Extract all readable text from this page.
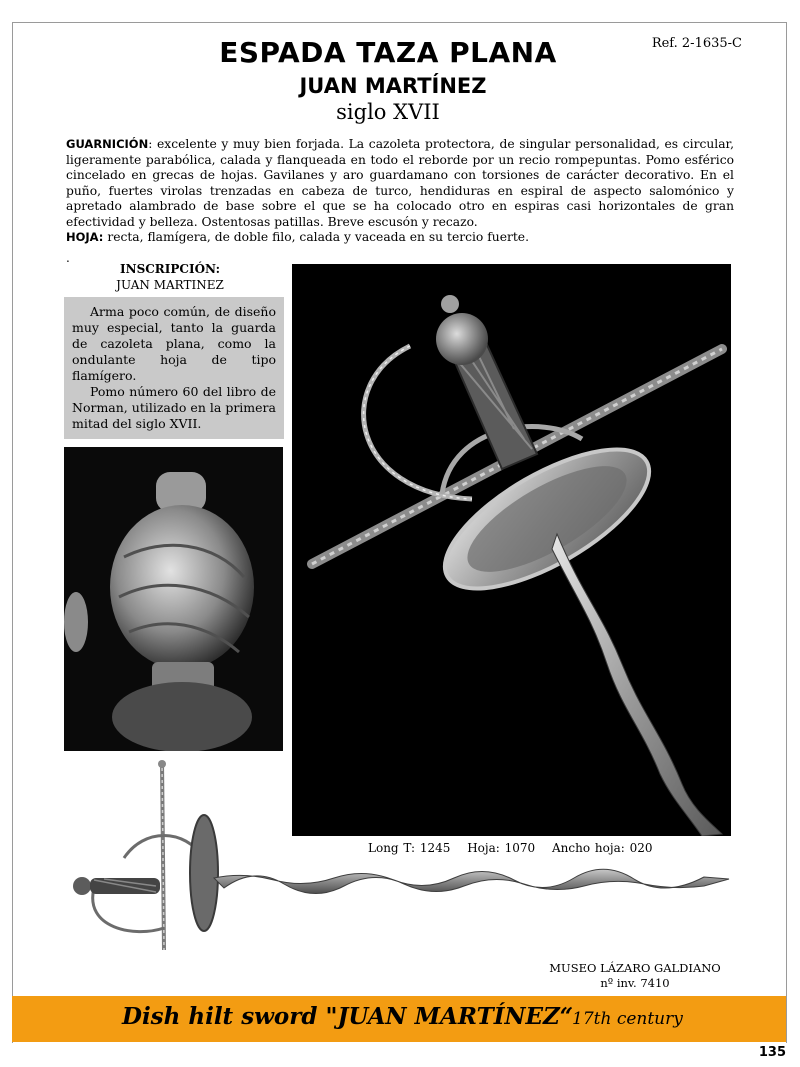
Ref. 2-1635-C
ESPADA TAZA PLANA
JUAN MARTÍNEZ
siglo XVII

GUARNICIÓN: excelente y muy bien forjada. La cazoleta protectora, de singular personalidad, es circular, ligeramente parabólica, calada y flanqueada en todo el reborde por un recio rompepuntas. Pomo esférico cincelado en grecas de hojas. Gavilanes y aro guardamano con torsiones de carácter decorativo. En el puño, fuertes virolas trenzadas en cabeza de turco, hendiduras en espiral de aspecto salomónico y apretado alambrado de base sobre el que se ha colocado otro en espiras casi horizontales de gran efectividad y belleza. Ostentosas patillas. Breve escusón y recazo.

HOJA: recta, flamígera, de doble filo, calada y vaceada en su tercio fuerte.

.
INSCRIPCIÓN:
JUAN MARTINEZ

Arma poco común, de diseño muy especial, tanto la guarda de cazoleta plana, como la ondulante hoja de tipo flamígero.

Pomo número 60 del libro de Norman, utilizado en la primera mitad del siglo XVII.

Long T: 1245 Hoja: 1070 Ancho hoja: 020
MUSEO LÁZARO GALDIANO
nº inv. 7410
Dish hilt sword "JUAN MARTÍNEZ“
17th century
135
